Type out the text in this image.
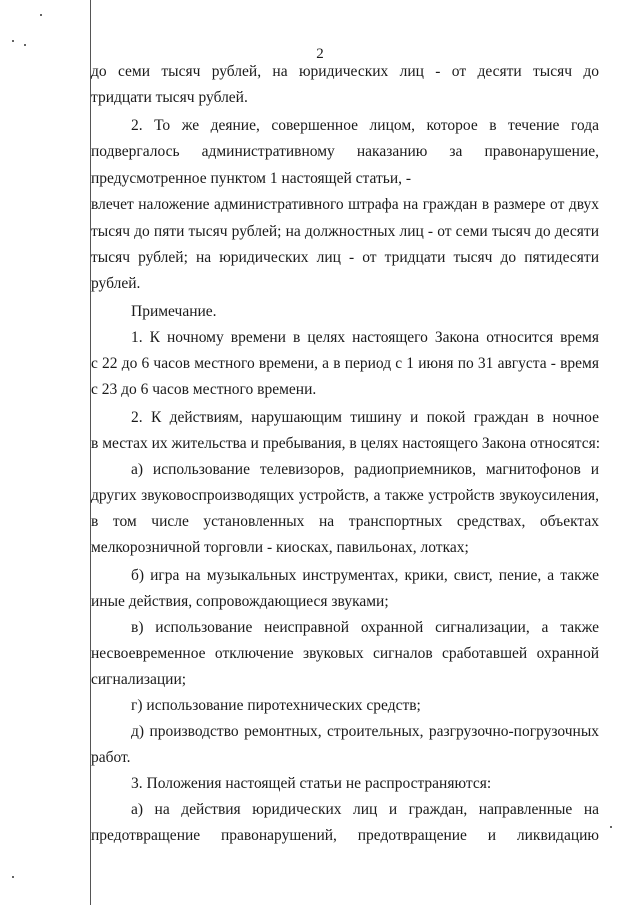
2
до семи тысяч рублей, на юридических лиц - от десяти тысяч до
тридцати тысяч рублей.
2. То же деяние, совершенное лицом, которое в течение года
подвергалось административному наказанию за правонарушение,
предусмотренное пунктом 1 настоящей статьи, -
влечет наложение административного штрафа на граждан в размере от двух
тысяч до пяти тысяч рублей; на должностных лиц - от семи тысяч до десяти
тысяч рублей; на юридических лиц - от тридцати тысяч до пятидесяти
рублей.
Примечание.
1. К ночному времени в целях настоящего Закона относится время
с 22 до 6 часов местного времени, а в период с 1 июня по 31 августа - время
с 23 до 6 часов местного времени.
2. К действиям, нарушающим тишину и покой граждан в ночное
в местах их жительства и пребывания, в целях настоящего Закона относятся:
а) использование телевизоров, радиоприемников, магнитофонов и
других звуковоспроизводящих устройств, а также устройств звукоусиления,
в том числе установленных на транспортных средствах, объектах
мелкорозничной торговли - киосках, павильонах, лотках;
б) игра на музыкальных инструментах, крики, свист, пение, а также
иные действия, сопровождающиеся звуками;
в) использование неисправной охранной сигнализации, а также
несвоевременное отключение звуковых сигналов сработавшей охранной
сигнализации;
г) использование пиротехнических средств;
д) производство ремонтных, строительных, разгрузочно-погрузочных
работ.
3. Положения настоящей статьи не распространяются:
а) на действия юридических лиц и граждан, направленные на
предотвращение правонарушений, предотвращение и ликвидацию
